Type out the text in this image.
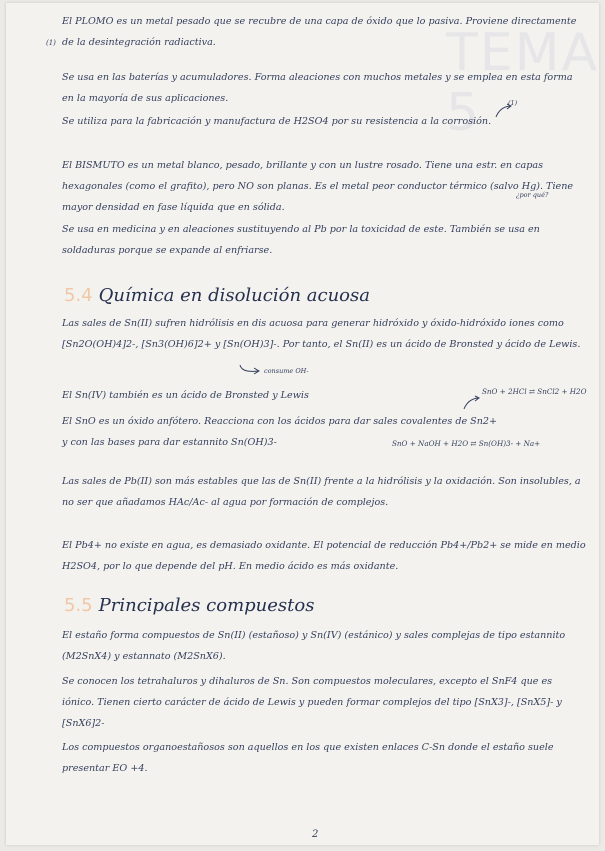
TEMA 5
(1)

El PLOMO es un metal pesado que se recubre de una capa de óxido que lo pasiva. Proviene directamente de la desintegración radiactiva.

Se usa en las baterías y acumuladores. Forma aleaciones con muchos metales y se emplea en esta forma en la mayoría de sus aplicaciones.

Se utiliza para la fabricación y manufactura de H2SO4 por su resistencia a la corrosión.

(1)

El BISMUTO es un metal blanco, pesado, brillante y con un lustre rosado. Tiene una estr. en capas hexagonales (como el grafito), pero NO son planas. Es el metal peor conductor térmico (salvo Hg). Tiene mayor densidad en fase líquida que en sólida.

¿por qué?

Se usa en medicina y en aleaciones sustituyendo al Pb por la toxicidad de este. También se usa en soldaduras porque se expande al enfriarse.

5.4 Química en disolución acuosa

Las sales de Sn(II) sufren hidrólisis en dis acuosa para generar hidróxido y óxido-hidróxido iones como [Sn2O(OH)4]2-, [Sn3(OH)6]2+ y [Sn(OH)3]-. Por tanto, el Sn(II) es un ácido de Bronsted y ácido de Lewis.

consume OH-

El Sn(IV) también es un ácido de Bronsted y Lewis	SnO + 2HCl ⇄ SnCl2 + H2O

El SnO es un óxido anfótero. Reacciona con los ácidos para dar sales covalentes de Sn2+ y con las bases para dar estannito Sn(OH)3-	SnO + NaOH + H2O ⇄ Sn(OH)3- + Na+

Las sales de Pb(II) son más estables que las de Sn(II) frente a la hidrólisis y la oxidación. Son insolubles, a no ser que añadamos HAc/Ac- al agua por formación de complejos.

El Pb4+ no existe en agua, es demasiado oxidante. El potencial de reducción Pb4+/Pb2+ se mide en medio H2SO4, por lo que depende del pH. En medio ácido es más oxidante.

5.5 Principales compuestos

El estaño forma compuestos de Sn(II) (estañoso) y Sn(IV) (estánico) y sales complejas de tipo estannito (M2SnX4) y estannato (M2SnX6).

Se conocen los tetrahaluros y dihaluros de Sn. Son compuestos moleculares, excepto el SnF4 que es iónico. Tienen cierto carácter de ácido de Lewis y pueden formar complejos del tipo [SnX3]-, [SnX5]- y [SnX6]2-

Los compuestos organoestañosos son aquellos en los que existen enlaces C-Sn donde el estaño suele presentar EO +4.

2
